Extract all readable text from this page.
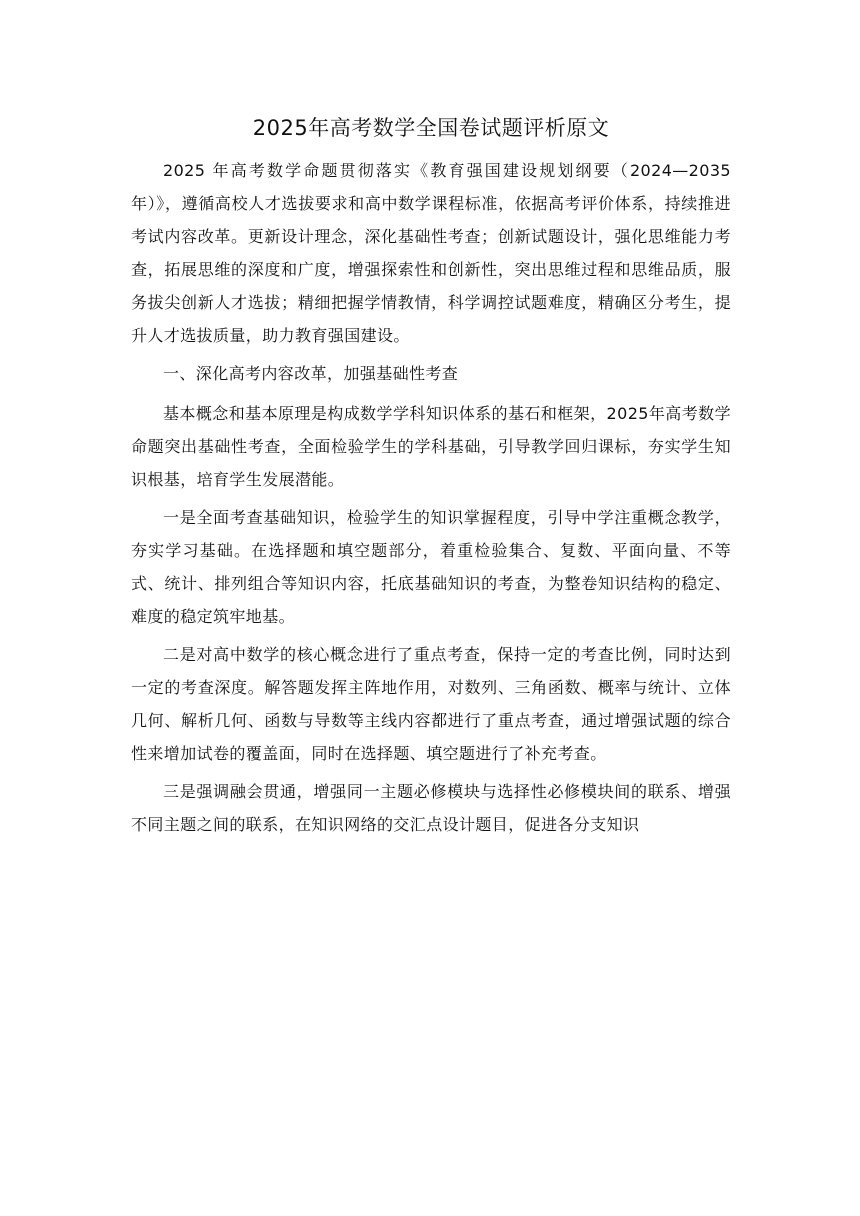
2025年高考数学全国卷试题评析原文

2025 年高考数学命题贯彻落实《教育强国建设规划纲要（2024—2035年）》，遵循高校人才选拔要求和高中数学课程标准，依据高考评价体系，持续推进考试内容改革。更新设计理念，深化基础性考查；创新试题设计，强化思维能力考查，拓展思维的深度和广度，增强探索性和创新性，突出思维过程和思维品质，服务拔尖创新人才选拔；精细把握学情教情，科学调控试题难度，精确区分考生，提升人才选拔质量，助力教育强国建设。

一、深化高考内容改革，加强基础性考查

基本概念和基本原理是构成数学学科知识体系的基石和框架，2025年高考数学命题突出基础性考查，全面检验学生的学科基础，引导教学回归课标，夯实学生知识根基，培育学生发展潜能。

一是全面考查基础知识，检验学生的知识掌握程度，引导中学注重概念教学，夯实学习基础。在选择题和填空题部分，着重检验集合、复数、平面向量、不等式、统计、排列组合等知识内容，托底基础知识的考查，为整卷知识结构的稳定、难度的稳定筑牢地基。

二是对高中数学的核心概念进行了重点考查，保持一定的考查比例，同时达到一定的考查深度。解答题发挥主阵地作用，对数列、三角函数、概率与统计、立体几何、解析几何、函数与导数等主线内容都进行了重点考查，通过增强试题的综合性来增加试卷的覆盖面，同时在选择题、填空题进行了补充考查。

三是强调融会贯通，增强同一主题必修模块与选择性必修模块间的联系、增强不同主题之间的联系，在知识网络的交汇点设计题目，促进各分支知识
